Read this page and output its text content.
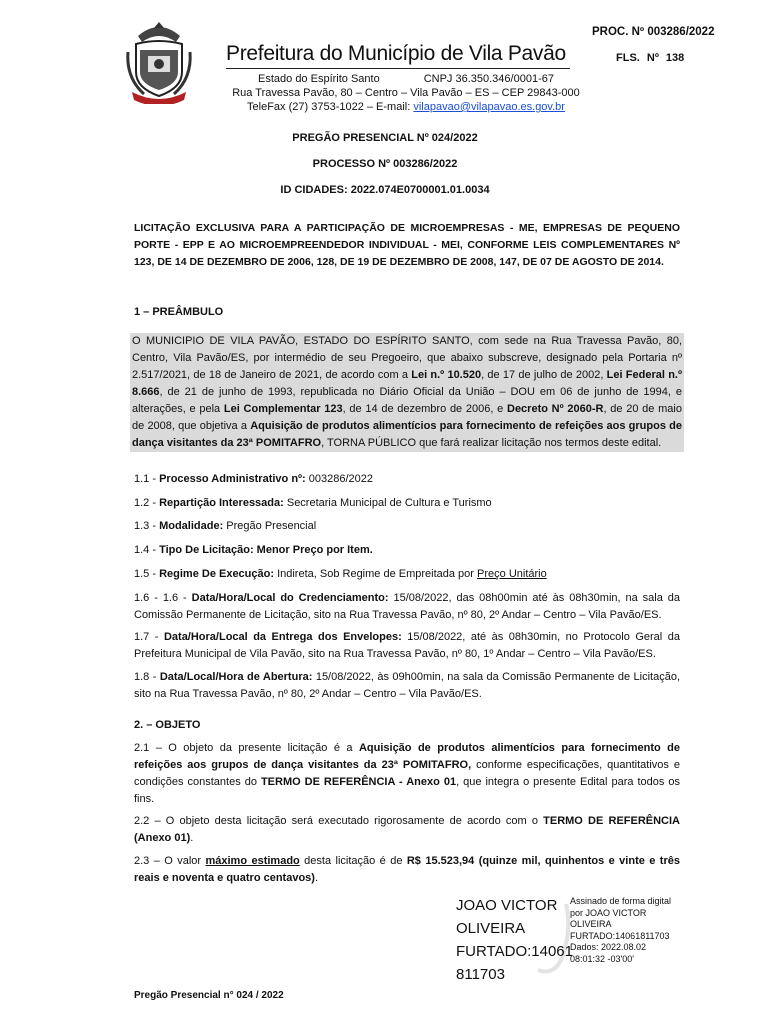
PROC. Nº 003286/2022
FLS. Nº 138
Prefeitura do Município de Vila Pavão
Estado do Espírito Santo	CNPJ 36.350.346/0001-67
Rua Travessa Pavão, 80 – Centro – Vila Pavão – ES – CEP 29843-000
TeleFax (27) 3753-1022 – E-mail: vilapavao@vilapavao.es.gov.br
PREGÃO PRESENCIAL Nº 024/2022
PROCESSO Nº 003286/2022
ID CIDADES: 2022.074E0700001.01.0034
LICITAÇÃO EXCLUSIVA PARA A PARTICIPAÇÃO DE MICROEMPRESAS - ME, EMPRESAS DE PEQUENO PORTE - EPP E AO MICROEMPREENDEDOR INDIVIDUAL - MEI, CONFORME LEIS COMPLEMENTARES Nº 123, DE 14 DE DEZEMBRO DE 2006, 128, DE 19 DE DEZEMBRO DE 2008, 147, DE 07 DE AGOSTO DE 2014.
1 – PREÂMBULO
O MUNICIPIO DE VILA PAVÃO, ESTADO DO ESPÍRITO SANTO, com sede na Rua Travessa Pavão, 80, Centro, Vila Pavão/ES, por intermédio de seu Pregoeiro, que abaixo subscreve, designado pela Portaria nº 2.517/2021, de 18 de Janeiro de 2021, de acordo com a Lei n.º 10.520, de 17 de julho de 2002, Lei Federal n.º 8.666, de 21 de junho de 1993, republicada no Diário Oficial da União – DOU em 06 de junho de 1994, e alterações, e pela Lei Complementar 123, de 14 de dezembro de 2006, e Decreto Nº 2060-R, de 20 de maio de 2008, que objetiva a Aquisição de produtos alimentícios para fornecimento de refeições aos grupos de dança visitantes da 23ª POMITAFRO, TORNA PÚBLICO que fará realizar licitação nos termos deste edital.
1.1 - Processo Administrativo nº: 003286/2022
1.2 - Repartição Interessada: Secretaria Municipal de Cultura e Turismo
1.3 - Modalidade: Pregão Presencial
1.4 - Tipo De Licitação: Menor Preço por Item.
1.5 - Regime De Execução: Indireta, Sob Regime de Empreitada por Preço Unitário
1.6 - 1.6 - Data/Hora/Local do Credenciamento: 15/08/2022, das 08h00min até às 08h30min, na sala da Comissão Permanente de Licitação, sito na Rua Travessa Pavão, nº 80, 2º Andar – Centro – Vila Pavão/ES.
1.7 - Data/Hora/Local da Entrega dos Envelopes: 15/08/2022, até às 08h30min, no Protocolo Geral da Prefeitura Municipal de Vila Pavão, sito na Rua Travessa Pavão, nº 80, 1º Andar – Centro – Vila Pavão/ES.
1.8 - Data/Local/Hora de Abertura: 15/08/2022, às 09h00min, na sala da Comissão Permanente de Licitação, sito na Rua Travessa Pavão, nº 80, 2º Andar – Centro – Vila Pavão/ES.
2. – OBJETO
2.1 – O objeto da presente licitação é a Aquisição de produtos alimentícios para fornecimento de refeições aos grupos de dança visitantes da 23ª POMITAFRO, conforme especificações, quantitativos e condições constantes do TERMO DE REFERÊNCIA - Anexo 01, que integra o presente Edital para todos os fins.
2.2 – O objeto desta licitação será executado rigorosamente de acordo com o TERMO DE REFERÊNCIA (Anexo 01).
2.3 – O valor máximo estimado desta licitação é de R$ 15.523,94 (quinze mil, quinhentos e vinte e três reais e noventa e quatro centavos).
JOAO VICTOR
OLIVEIRA
FURTADO:14061
811703
Assinado de forma digital
por JOAO VICTOR
OLIVEIRA
FURTADO:14061811703
Dados: 2022.08.02
08:01:32 -03'00'
Pregão Presencial n° 024 / 2022
